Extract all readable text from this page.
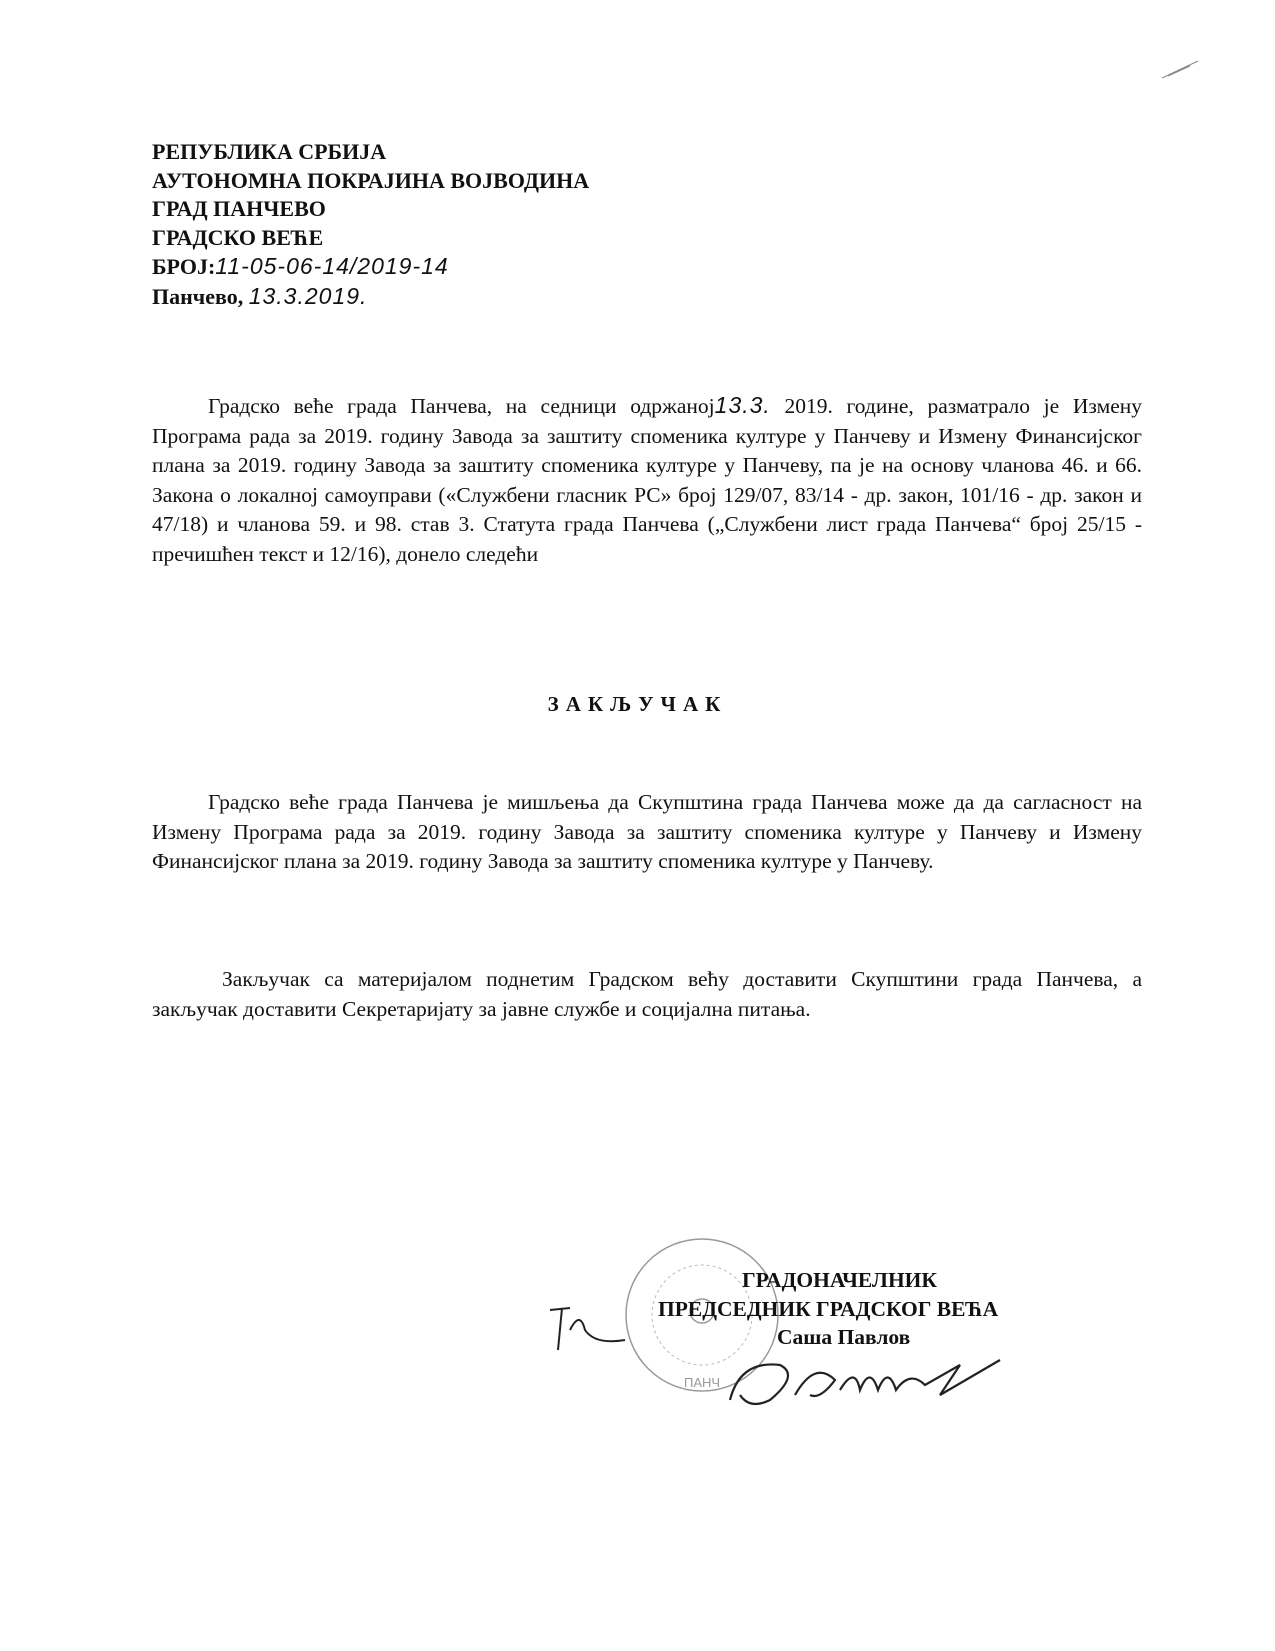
РЕПУБЛИКА СРБИЈА
АУТОНОМНА ПОКРАЈИНА ВОЈВОДИНА
ГРАД ПАНЧЕВО
ГРАДСКО ВЕЋЕ
БРОЈ:11-05-06-14/2019-14
Панчево, 13.3.2019.
Градско веће града Панчева, на седници одржаној13.3. 2019. године, разматрало је Измену Програма рада за 2019. годину Завода за заштиту споменика културе у Панчеву и Измену Финансијског плана за 2019. годину Завода за заштиту споменика културе у Панчеву, па је на основу чланова 46. и 66. Закона о локалној самоуправи («Службени гласник РС» број 129/07, 83/14 - др. закон, 101/16 - др. закон и 47/18) и чланова 59. и 98. став 3. Статута града Панчева („Службени лист града Панчева“ број 25/15 - пречишћен текст и 12/16), донело следећи
ЗАКЉУЧАК
Градско веће града Панчева је мишљења да Скупштина града Панчева може да да сагласност на Измену Програма рада за 2019. годину Завода за заштиту споменика културе у Панчеву и Измену Финансијског плана за 2019. годину Завода за заштиту споменика културе у Панчеву.
Закључак са материјалом поднетим Градском већу доставити Скупштини града Панчева, а закључак доставити Секретаријату за јавне службе и социјална питања.
ПАНЧ
ГРАДОНАЧЕЛНИК
ПРЕДСЕДНИК ГРАДСКОГ ВЕЋА
Саша Павлов
